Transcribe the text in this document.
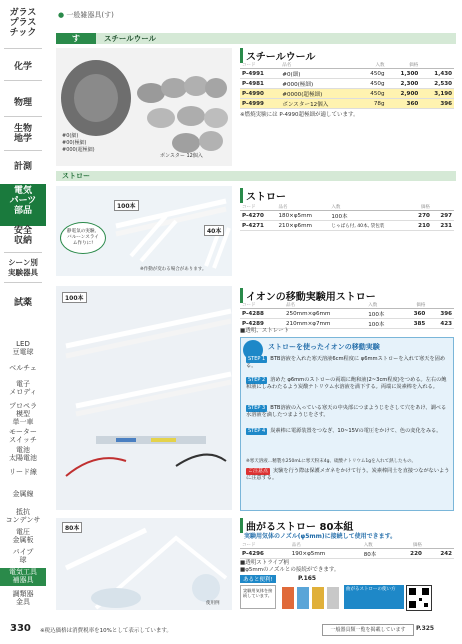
ガラス
プラス
チック
化学
物理
生物
地学
計測
電気
パーツ
部品
安全
収納
シーン別
実験器具
試薬
LED
豆電球
ベルチェ
電子
メロディ
プロペラ
模型
単一車
モーター
スイッチ
電池
太陽電池
リード線
金属線
抵抗
コンデンサ
電圧
金属板
パイプ
球
電気工具
補器具
調類器
金具
● 一般雑器具(す)
す	スチールウール
#0(細)
#00(極細)
#000(超極細)
ボンスター 12個入
スチールウール
コード	品名	入数	価格	
P-4991	#0(細)	450g	1,300	1,430
P-4981	#000(極細)	450g	2,300	2,530
P-4990	#0000(超極細)	450g	2,900	3,190
P-4999	ボンスター12個入	78g	360	396
※燃焼実験には P-4990超極細が適しています。
ストロー
100本
40本
静電気の実験、バルーンスライム作りに!
※作動が変わる場合があります。
ストロー
コード	品名	入数	価格	
P-4270	180×φ5mm	100本	270	297
P-4271	210×φ6mm	じゃばら付, 40本, 袋包装	210	231
100本	イオンの移動実験用ストロー
コード	品名	入数	価格	
P-4288	250mm×φ6mm	100本	360	396
P-4289	210mm×φ7mm	100本	385	423
■透明、ストレート
ストローを使ったイオンの移動実験
STEP 1 BTB溶液を入れた寒天溶液6cm程度に φ6mmストローを入れて寒天を固める。
STEP 2 溶めた φ6mmのストローの両端に飽和液(2~3cm程度)をつめる。左右の飽和液にしみわたるよう炭酸ナトリウム水溶液を満下する。両端に炭素棒を入れる。
STEP 3 BTB溶液の入っている寒天の中央部につまようじをさして穴をあけ、調べる水溶液を滴したつまようじをさす。
STEP 4 炭素棒に電源装置をつなぎ、10~15Vの電圧をかけて、色の変化をみる。
※寒天溶液…精製水250mLに寒天粉末4g、硫酸ナトリウム1gを入れて熱したもの。
ご注意点 実験を行う際は保護メガネをかけて行う。炭素棒同士を直接つながないように注意する。
80本
使用例
曲がるストロー 80本組
実験用気体のノズル(φ5mm)に接続して使用できます。
コード	品名	入数	価格	
P-4296	190×φ5mm	80本	220	242
■透明ストライプ柄
■φ5mmのノズルとの接続ができます。
あると便利!	P.165
実験用気体を接続しています。
曲がるストローの使い方
330 ※税込価格は消費税率を10%として表示しています。	一般器具類一覧を掲載しています	P.325
